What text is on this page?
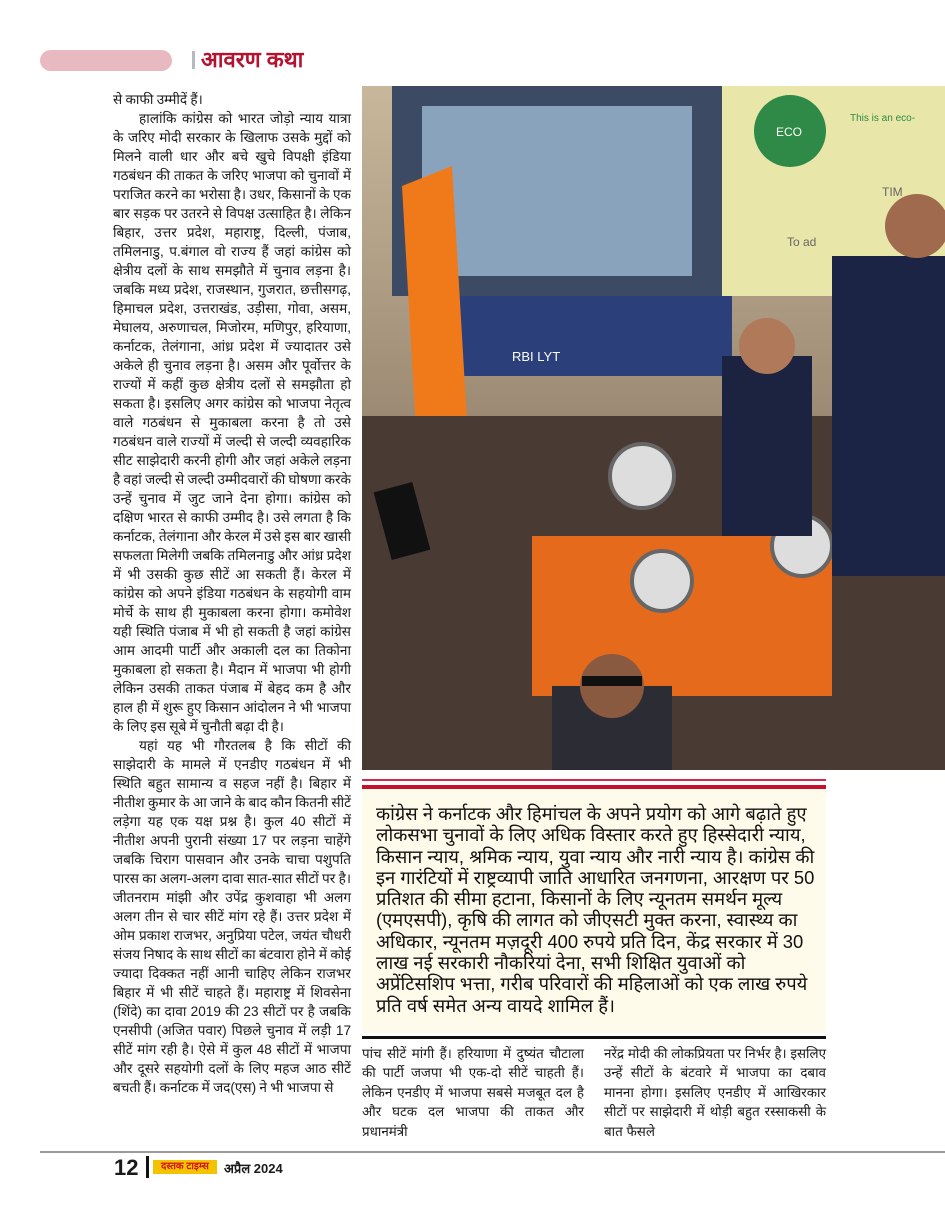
आवरण कथा

से काफी उम्मीदें हैं।

हालांकि कांग्रेस को भारत जोड़ो न्याय यात्रा के जरिए मोदी सरकार के खिलाफ उसके मुद्दों को मिलने वाली धार और बचे खुचे विपक्षी इंडिया गठबंधन की ताकत के जरिए भाजपा को चुनावों में पराजित करने का भरोसा है। उधर, किसानों के एक बार सड़क पर उतरने से विपक्ष उत्साहित है। लेकिन बिहार, उत्तर प्रदेश, महाराष्ट्र, दिल्ली, पंजाब, तमिलनाडु, प.बंगाल वो राज्य हैं जहां कांग्रेस को क्षेत्रीय दलों के साथ समझौते में चुनाव लड़ना है। जबकि मध्य प्रदेश, राजस्थान, गुजरात, छत्तीसगढ़, हिमाचल प्रदेश, उत्तराखंड, उड़ीसा, गोवा, असम, मेघालय, अरुणाचल, मिजोरम, मणिपुर, हरियाणा, कर्नाटक, तेलंगाना, आंध्र प्रदेश में ज्यादातर उसे अकेले ही चुनाव लड़ना है। असम और पूर्वोत्तर के राज्यों में कहीं कुछ क्षेत्रीय दलों से समझौता हो सकता है। इसलिए अगर कांग्रेस को भाजपा नेतृत्व वाले गठबंधन से मुकाबला करना है तो उसे गठबंधन वाले राज्यों में जल्दी से जल्दी व्यवहारिक सीट साझेदारी करनी होगी और जहां अकेले लड़ना है वहां जल्दी से जल्दी उम्मीदवारों की घोषणा करके उन्हें चुनाव में जुट जाने देना होगा। कांग्रेस को दक्षिण भारत से काफी उम्मीद है। उसे लगता है कि कर्नाटक, तेलंगाना और केरल में उसे इस बार खासी सफलता मिलेगी जबकि तमिलनाडु और आंध्र प्रदेश में भी उसकी कुछ सीटें आ सकती हैं। केरल में कांग्रेस को अपने इंडिया गठबंधन के सहयोगी वाम मोर्चे के साथ ही मुकाबला करना होगा। कमोवेश यही स्थिति पंजाब में भी हो सकती है जहां कांग्रेस आम आदमी पार्टी और अकाली दल का तिकोना मुकाबला हो सकता है। मैदान में भाजपा भी होगी लेकिन उसकी ताकत पंजाब में बेहद कम है और हाल ही में शुरू हुए किसान आंदोलन ने भी भाजपा के लिए इस सूबे में चुनौती बढ़ा दी है।

यहां यह भी गौरतलब है कि सीटों की साझेदारी के मामले में एनडीए गठबंधन में भी स्थिति बहुत सामान्य व सहज नहीं है। बिहार में नीतीश कुमार के आ जाने के बाद कौन कितनी सीटें लड़ेगा यह एक यक्ष प्रश्न है। कुल 40 सीटों में नीतीश अपनी पुरानी संख्या 17 पर लड़ना चाहेंगे जबकि चिराग पासवान और उनके चाचा पशुपति पारस का अलग-अलग दावा सात-सात सीटों पर है। जीतनराम मांझी और उपेंद्र कुशवाहा भी अलग अलग तीन से चार सीटें मांग रहे हैं। उत्तर प्रदेश में ओम प्रकाश राजभर, अनुप्रिया पटेल, जयंत चौधरी संजय निषाद के साथ सीटों का बंटवारा होने में कोई ज्यादा दिक्कत नहीं आनी चाहिए लेकिन राजभर बिहार में भी सीटें चाहते हैं। महाराष्ट्र में शिवसेना (शिंदे) का दावा 2019 की 23 सीटों पर है जबकि एनसीपी (अजित पवार) पिछले चुनाव में लड़ी 17 सीटें मांग रही है। ऐसे में कुल 48 सीटों में भाजपा और दूसरे सहयोगी दलों के लिए महज आठ सीटें बचती हैं। कर्नाटक में जद(एस) ने भी भाजपा से

ECO
This is an eco-
TIM
To ad
RBI LYT
कांग्रेस ने कर्नाटक और हिमांचल के अपने प्रयोग को आगे बढ़ाते हुए लोकसभा चुनावों के लिए अधिक विस्तार करते हुए हिस्सेदारी न्याय, किसान न्याय, श्रमिक न्याय, युवा न्याय और नारी न्याय है। कांग्रेस की इन गारंटियों में राष्ट्रव्यापी जाति आधारित जनगणना, आरक्षण पर 50 प्रतिशत की सीमा हटाना, किसानों के लिए न्यूनतम समर्थन मूल्य (एमएसपी), कृषि की लागत को जीएसटी मुक्त करना, स्वास्थ्य का अधिकार, न्यूनतम मज़दूरी 400 रुपये प्रति दिन, केंद्र सरकार में 30 लाख नई सरकारी नौकरियां देना, सभी शिक्षित युवाओं को अप्रेंटिसशिप भत्ता, गरीब परिवारों की महिलाओं को एक लाख रुपये प्रति वर्ष समेत अन्य वायदे शामिल हैं।
पांच सीटें मांगी हैं। हरियाणा में दुष्यंत चौटाला की पार्टी जजपा भी एक-दो सीटें चाहती हैं। लेकिन एनडीए में भाजपा सबसे मजबूत दल है और घटक दल भाजपा की ताकत और प्रधानमंत्री
नरेंद्र मोदी की लोकप्रियता पर निर्भर है। इसलिए उन्हें सीटों के बंटवारे में भाजपा का दबाव मानना होगा। इसलिए एनडीए में आखिरकार सीटों पर साझेदारी में थोड़ी बहुत रस्साकसी के बात फैसले
12	दस्तक टाइम्स	अप्रैल 2024
